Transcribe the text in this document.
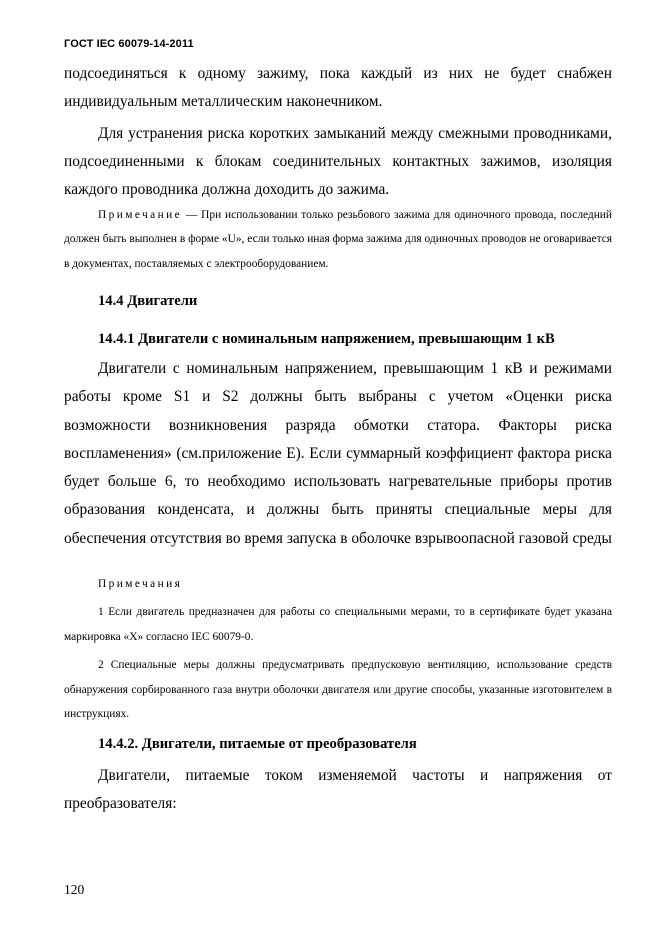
ГОСТ IEC 60079-14-2011

подсоединяться к одному зажиму, пока каждый из них не будет снабжен индивидуальным металлическим наконечником.

Для устранения риска коротких замыканий между смежными проводниками, подсоединенными к блокам соединительных контактных зажимов, изоляция каждого проводника должна доходить до зажима.

Примечание — При использовании только резьбового зажима для одиночного провода, последний должен быть выполнен в форме «U», если только иная форма зажима для одиночных проводов не оговаривается в документах, поставляемых с электрооборудованием.

14.4 Двигатели

14.4.1 Двигатели с номинальным напряжением, превышающим 1 кВ

Двигатели с номинальным напряжением, превышающим 1 кВ и режимами работы кроме S1 и S2 должны быть выбраны с учетом «Оценки риска возможности возникновения разряда обмотки статора. Факторы риска воспламенения» (см.приложение Е). Если суммарный коэффициент фактора риска будет больше 6, то необходимо использовать нагревательные приборы против образования конденсата, и должны быть приняты специальные меры для обеспечения отсутствия во время запуска в оболочке взрывоопасной газовой среды

Примечания

1 Если двигатель предназначен для работы со специальными мерами, то в сертификате будет указана маркировка «Х» согласно IEC 60079-0.

2 Специальные меры должны предусматривать предпусковую вентиляцию, использование средств обнаружения сорбированного газа внутри оболочки двигателя или другие способы, указанные изготовителем в инструкциях.

14.4.2. Двигатели, питаемые от преобразователя

Двигатели, питаемые током изменяемой частоты и напряжения от преобразователя:

120
